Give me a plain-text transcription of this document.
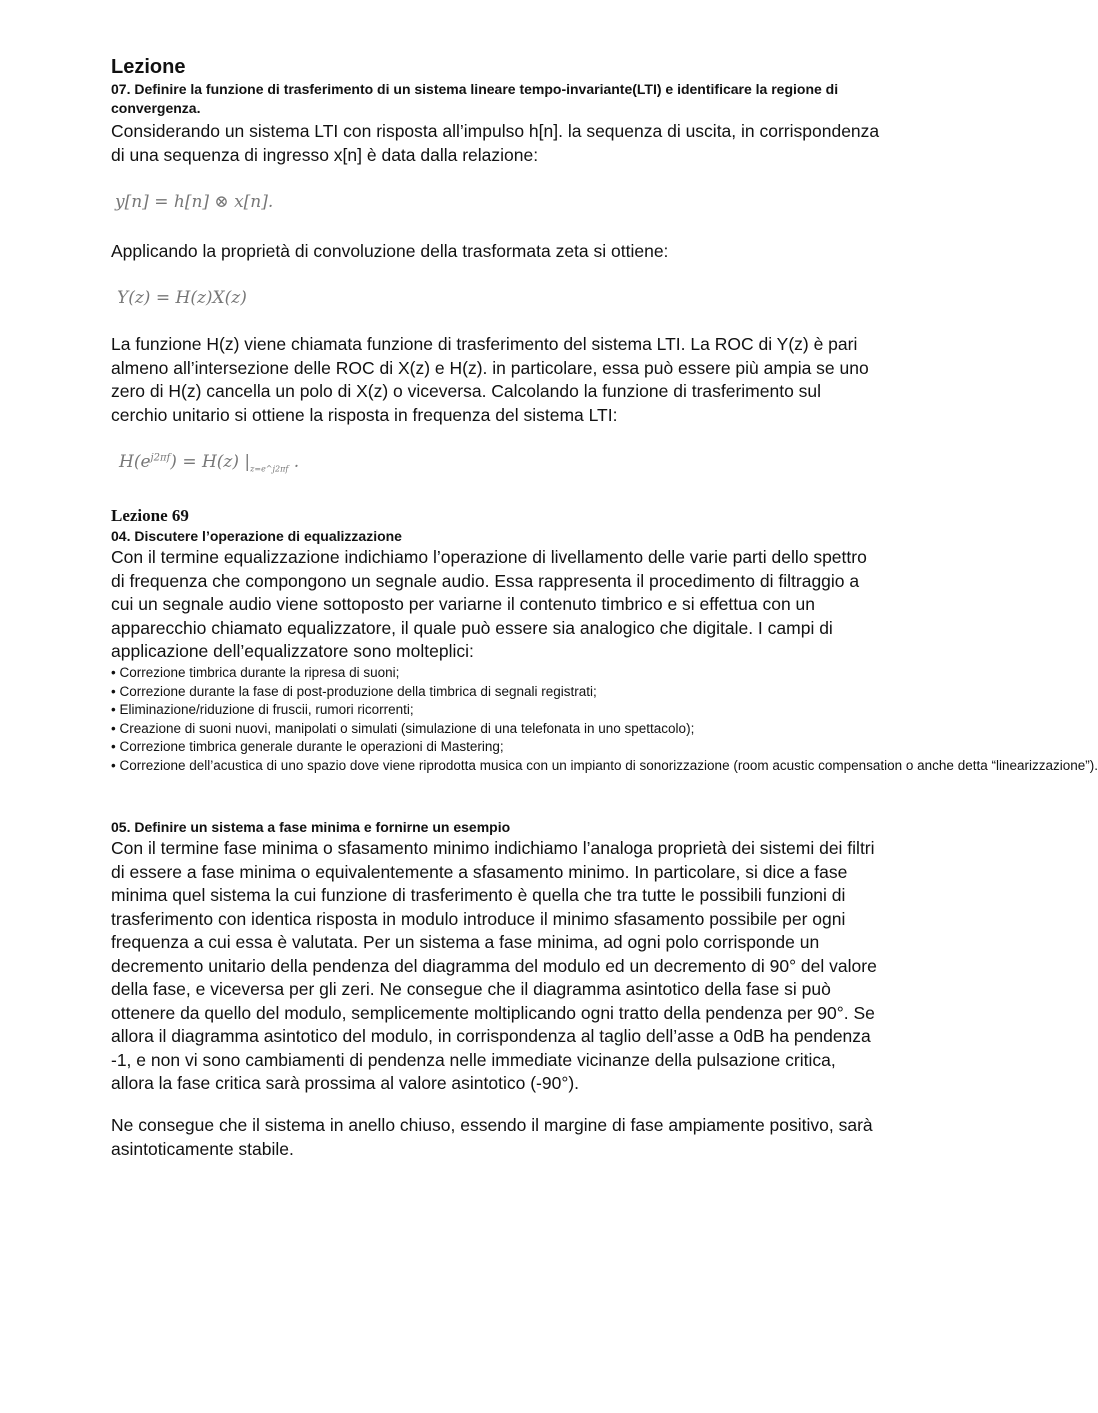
Lezione
07. Definire la funzione di trasferimento di un sistema lineare tempo-invariante(LTI) e identificare la regione di convergenza.
Considerando un sistema LTI con risposta all’impulso h[n]. la sequenza di uscita, in corrispondenza di una sequenza di ingresso x[n] è data dalla relazione:
y[n] = h[n] ⊗ x[n].
Applicando la proprietà di convoluzione della trasformata zeta si ottiene:
Y(z) = H(z)X(z)
La funzione H(z) viene chiamata funzione di trasferimento del sistema LTI. La ROC di Y(z) è pari almeno all’intersezione delle ROC di X(z) e H(z). in particolare, essa può essere più ampia se uno zero di H(z) cancella un polo di X(z) o viceversa. Calcolando la funzione di trasferimento sul cerchio unitario si ottiene la risposta in frequenza del sistema LTI:
$H(e^{j2\pi f}) = H(z)$ $|_{z=e\^{}j2\pi f}$ .
Lezione 69
04. Discutere l’operazione di equalizzazione
Con il termine equalizzazione indichiamo l’operazione di livellamento delle varie parti dello spettro di frequenza che compongono un segnale audio. Essa rappresenta il procedimento di filtraggio a cui un segnale audio viene sottoposto per variarne il contenuto timbrico e si effettua con un apparecchio chiamato equalizzatore, il quale può essere sia analogico che digitale. I campi di applicazione dell’equalizzatore sono molteplici:
• Correzione timbrica durante la ripresa di suoni;
• Correzione durante la fase di post-produzione della timbrica di segnali registrati;
• Eliminazione/riduzione di fruscii, rumori ricorrenti;
• Creazione di suoni nuovi, manipolati o simulati (simulazione di una telefonata in uno spettacolo);
• Correzione timbrica generale durante le operazioni di Mastering;
• Correzione dell’acustica di uno spazio dove viene riprodotta musica con un impianto di sonorizzazione (room acustic compensation o anche detta “linearizzazione”).
05. Definire un sistema a fase minima e fornirne un esempio
Con il termine fase minima o sfasamento minimo indichiamo l’analoga proprietà dei sistemi dei filtri di essere a fase minima o equivalentemente a sfasamento minimo. In particolare, si dice a fase minima quel sistema la cui funzione di trasferimento è quella che tra tutte le possibili funzioni di trasferimento con identica risposta in modulo introduce il minimo sfasamento possibile per ogni frequenza a cui essa è valutata. Per un sistema a fase minima, ad ogni polo corrisponde un decremento unitario della pendenza del diagramma del modulo ed un decremento di 90° del valore della fase, e viceversa per gli zeri. Ne consegue che il diagramma asintotico della fase si può ottenere da quello del modulo, semplicemente moltiplicando ogni tratto della pendenza per 90°. Se allora il diagramma asintotico del modulo, in corrispondenza al taglio dell’asse a 0dB ha pendenza -1, e non vi sono cambiamenti di pendenza nelle immediate vicinanze della pulsazione critica, allora la fase critica sarà prossima al valore asintotico (-90°).
Ne consegue che il sistema in anello chiuso, essendo il margine di fase ampiamente positivo, sarà asintoticamente stabile.
